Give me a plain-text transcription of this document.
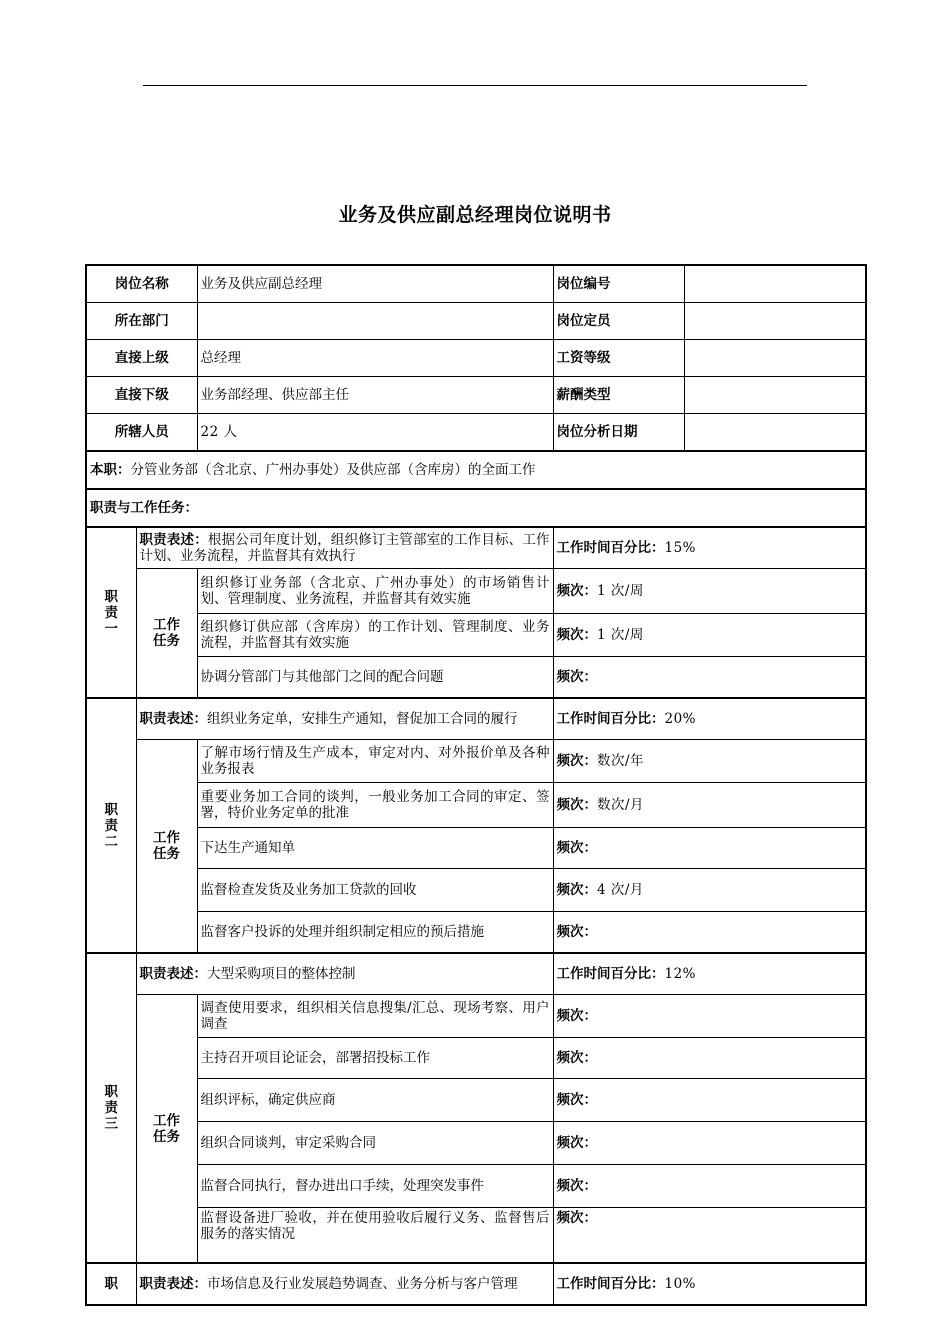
业务及供应副总经理岗位说明书
岗位名称		业务及供应副总经理	岗位编号	
所在部门			岗位定员	
直接上级		总经理	工资等级	
直接下级		业务部经理、供应部主任	薪酬类型	
所辖人员		22 人	岗位分析日期	
本职：分管业务部（含北京、广州办事处）及供应部（含库房）的全面工作				
职责与工作任务：				
职责一	职责表述：根据公司年度计划，组织修订主管部室的工作目标、工作计划、业务流程，并监督其有效执行		工作时间百分比：15%	
	工作任务	组织修订业务部（含北京、广州办事处）的市场销售计划、管理制度、业务流程，并监督其有效实施	频次：1 次/周	
		组织修订供应部（含库房）的工作计划、管理制度、业务流程，并监督其有效实施	频次：1 次/周	
		协调分管部门与其他部门之间的配合问题	频次：	
职责二	职责表述：组织业务定单，安排生产通知，督促加工合同的履行		工作时间百分比：20%	
	工作任务	了解市场行情及生产成本，审定对内、对外报价单及各种业务报表	频次：数次/年	
		重要业务加工合同的谈判，一般业务加工合同的审定、签署，特价业务定单的批准	频次：数次/月	
		下达生产通知单	频次：	
		监督检查发货及业务加工贷款的回收	频次：4 次/月	
		监督客户投诉的处理并组织制定相应的预后措施	频次：	
职责三	职责表述：大型采购项目的整体控制		工作时间百分比：12%	
	工作任务	调查使用要求，组织相关信息搜集/汇总、现场考察、用户调查	频次：	
		主持召开项目论证会，部署招投标工作	频次：	
		组织评标，确定供应商	频次：	
		组织合同谈判，审定采购合同	频次：	
		监督合同执行，督办进出口手续，处理突发事件	频次：	
		监督设备进厂验收，并在使用验收后履行义务、监督售后服务的落实情况	频次：	
职	职责表述：市场信息及行业发展趋势调查、业务分析与客户管理		工作时间百分比：10%	
